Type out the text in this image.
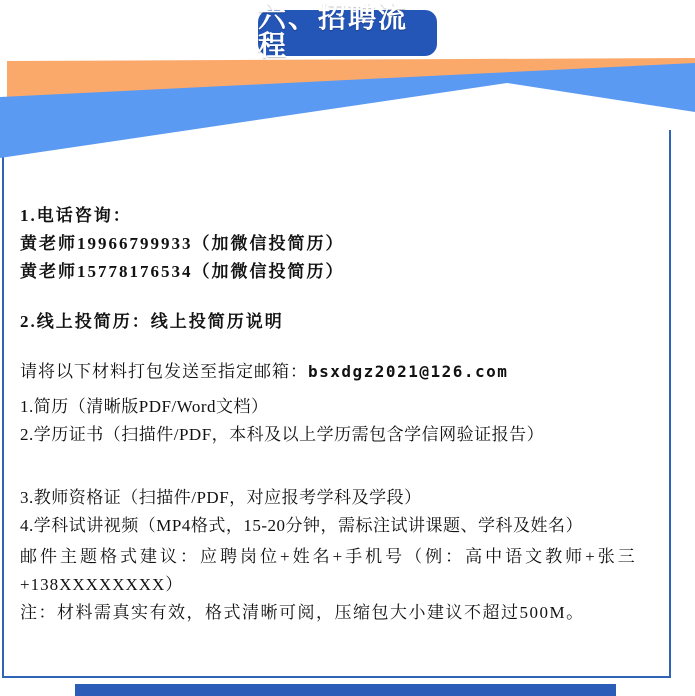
六、招聘流程
1.电话咨询：
黄老师19966799933（加微信投简历）
黄老师15778176534（加微信投简历）
2.线上投简历：线上投简历说明
请将以下材料打包发送至指定邮箱：bsxdgz2021@126.com
1.简历（清晰版PDF/Word文档）
2.学历证书（扫描件/PDF，本科及以上学历需包含学信网验证报告）
3.教师资格证（扫描件/PDF，对应报考学科及学段）
4.学科试讲视频（MP4格式，15-20分钟，需标注试讲课题、学科及姓名）
邮件主题格式建议：应聘岗位+姓名+手机号（例：高中语文教师+张三
+138XXXXXXXX）
注：材料需真实有效，格式清晰可阅，压缩包大小建议不超过500M。
